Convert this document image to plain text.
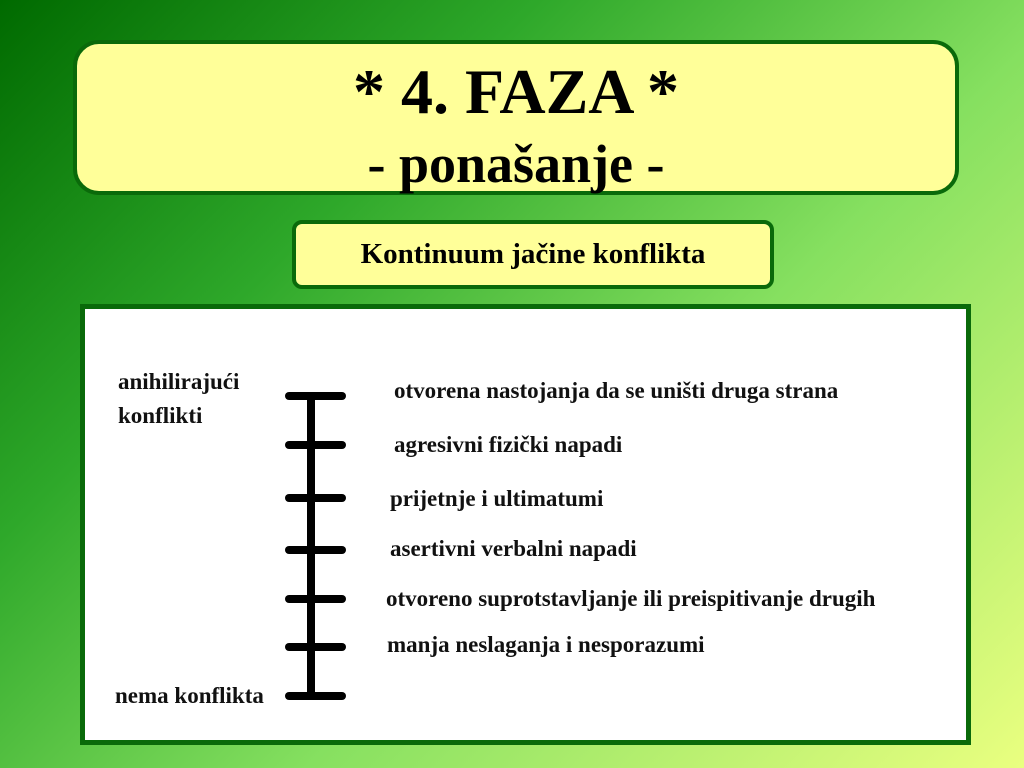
* 4. FAZA *
- ponašanje -
Kontinuum jačine konflikta
anihilirajući
konflikti
nema konflikta
otvorena nastojanja da se uništi druga strana
agresivni fizički napadi
prijetnje i ultimatumi
asertivni verbalni napadi
otvoreno suprotstavljanje ili preispitivanje drugih
manja neslaganja i nesporazumi
